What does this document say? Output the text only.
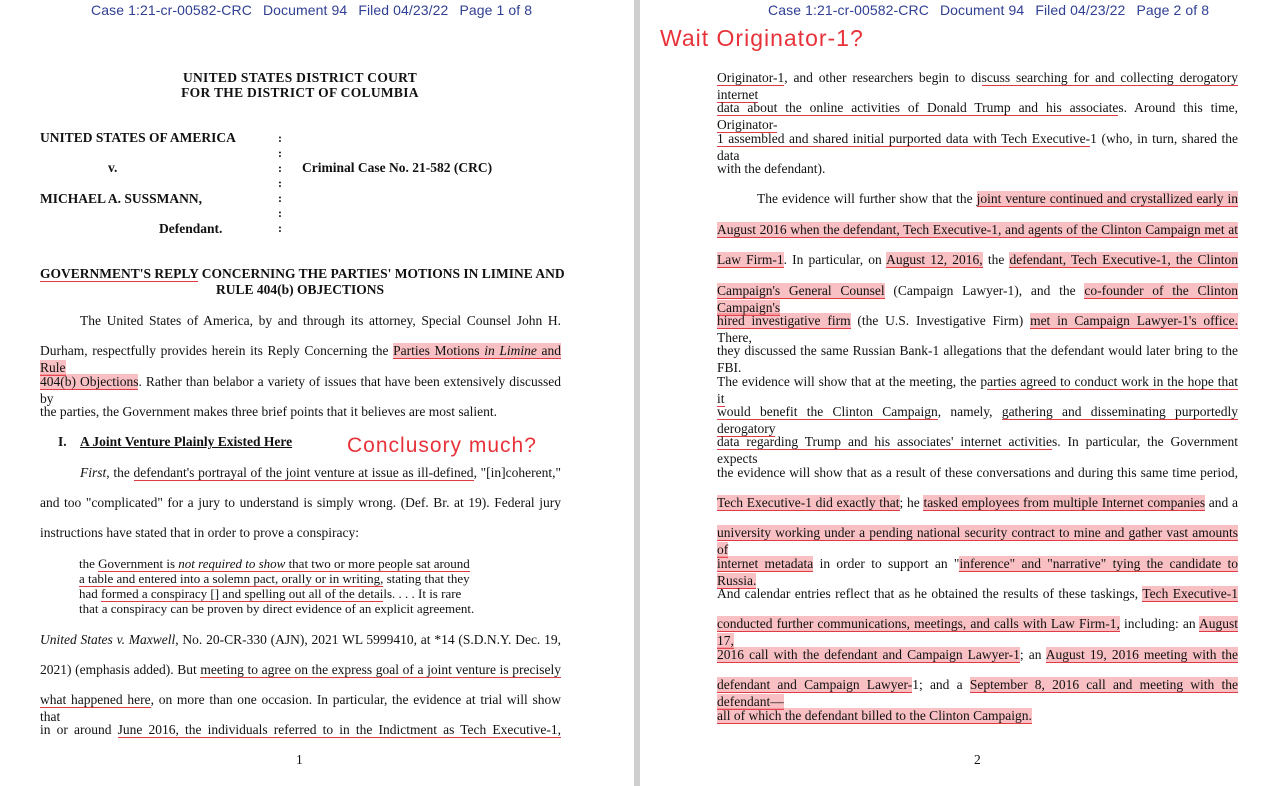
Case 1:21-cr-00582-CRC Document 94 Filed 04/23/22 Page 1 of 8
UNITED STATES DISTRICT COURT
FOR THE DISTRICT OF COLUMBIA
UNITED STATES OF AMERICA
v.	Criminal Case No. 21-582 (CRC)
MICHAEL A. SUSSMANN,
Defendant.
:
:
:
:
:
:
:
GOVERNMENT'S REPLY CONCERNING THE PARTIES' MOTIONS IN LIMINE AND
RULE 404(b) OBJECTIONS
The United States of America, by and through its attorney, Special Counsel John H.
Durham, respectfully provides herein its Reply Concerning the Parties Motions in Limine and Rule
404(b) Objections. Rather than belabor a variety of issues that have been extensively discussed by
the parties, the Government makes three brief points that it believes are most salient.
I. A Joint Venture Plainly Existed Here	Conclusory much?
First, the defendant's portrayal of the joint venture at issue as ill-defined, "[in]coherent,"
and too "complicated" for a jury to understand is simply wrong. (Def. Br. at 19). Federal jury
instructions have stated that in order to prove a conspiracy:
the Government is not required to show that two or more people sat around
a table and entered into a solemn pact, orally or in writing, stating that they
had formed a conspiracy [] and spelling out all of the details. . . . It is rare
that a conspiracy can be proven by direct evidence of an explicit agreement.
United States v. Maxwell, No. 20-CR-330 (AJN), 2021 WL 5999410, at *14 (S.D.N.Y. Dec. 19,
2021) (emphasis added). But meeting to agree on the express goal of a joint venture is precisely
what happened here, on more than one occasion. In particular, the evidence at trial will show that
in or around June 2016, the individuals referred to in the Indictment as Tech Executive-1,
1
Case 1:21-cr-00582-CRC Document 94 Filed 04/23/22 Page 2 of 8
Wait Originator-1?
Originator-1, and other researchers begin to discuss searching for and collecting derogatory internet
data about the online activities of Donald Trump and his associates. Around this time, Originator-
1 assembled and shared initial purported data with Tech Executive-1 (who, in turn, shared the data
with the defendant).
The evidence will further show that the joint venture continued and crystallized early in
August 2016 when the defendant, Tech Executive-1, and agents of the Clinton Campaign met at
Law Firm-1. In particular, on August 12, 2016, the defendant, Tech Executive-1, the Clinton
Campaign's General Counsel (Campaign Lawyer-1), and the co-founder of the Clinton Campaign's
hired investigative firm (the U.S. Investigative Firm) met in Campaign Lawyer-1's office. There,
they discussed the same Russian Bank-1 allegations that the defendant would later bring to the FBI.
The evidence will show that at the meeting, the parties agreed to conduct work in the hope that it
would benefit the Clinton Campaign, namely, gathering and disseminating purportedly derogatory
data regarding Trump and his associates' internet activities. In particular, the Government expects
the evidence will show that as a result of these conversations and during this same time period,
Tech Executive-1 did exactly that; he tasked employees from multiple Internet companies and a
university working under a pending national security contract to mine and gather vast amounts of
internet metadata in order to support an "inference" and "narrative" tying the candidate to Russia.
And calendar entries reflect that as he obtained the results of these taskings, Tech Executive-1
conducted further communications, meetings, and calls with Law Firm-1, including: an August 17,
2016 call with the defendant and Campaign Lawyer-1; an August 19, 2016 meeting with the
defendant and Campaign Lawyer-1; and a September 8, 2016 call and meeting with the defendant—
all of which the defendant billed to the Clinton Campaign.
2
